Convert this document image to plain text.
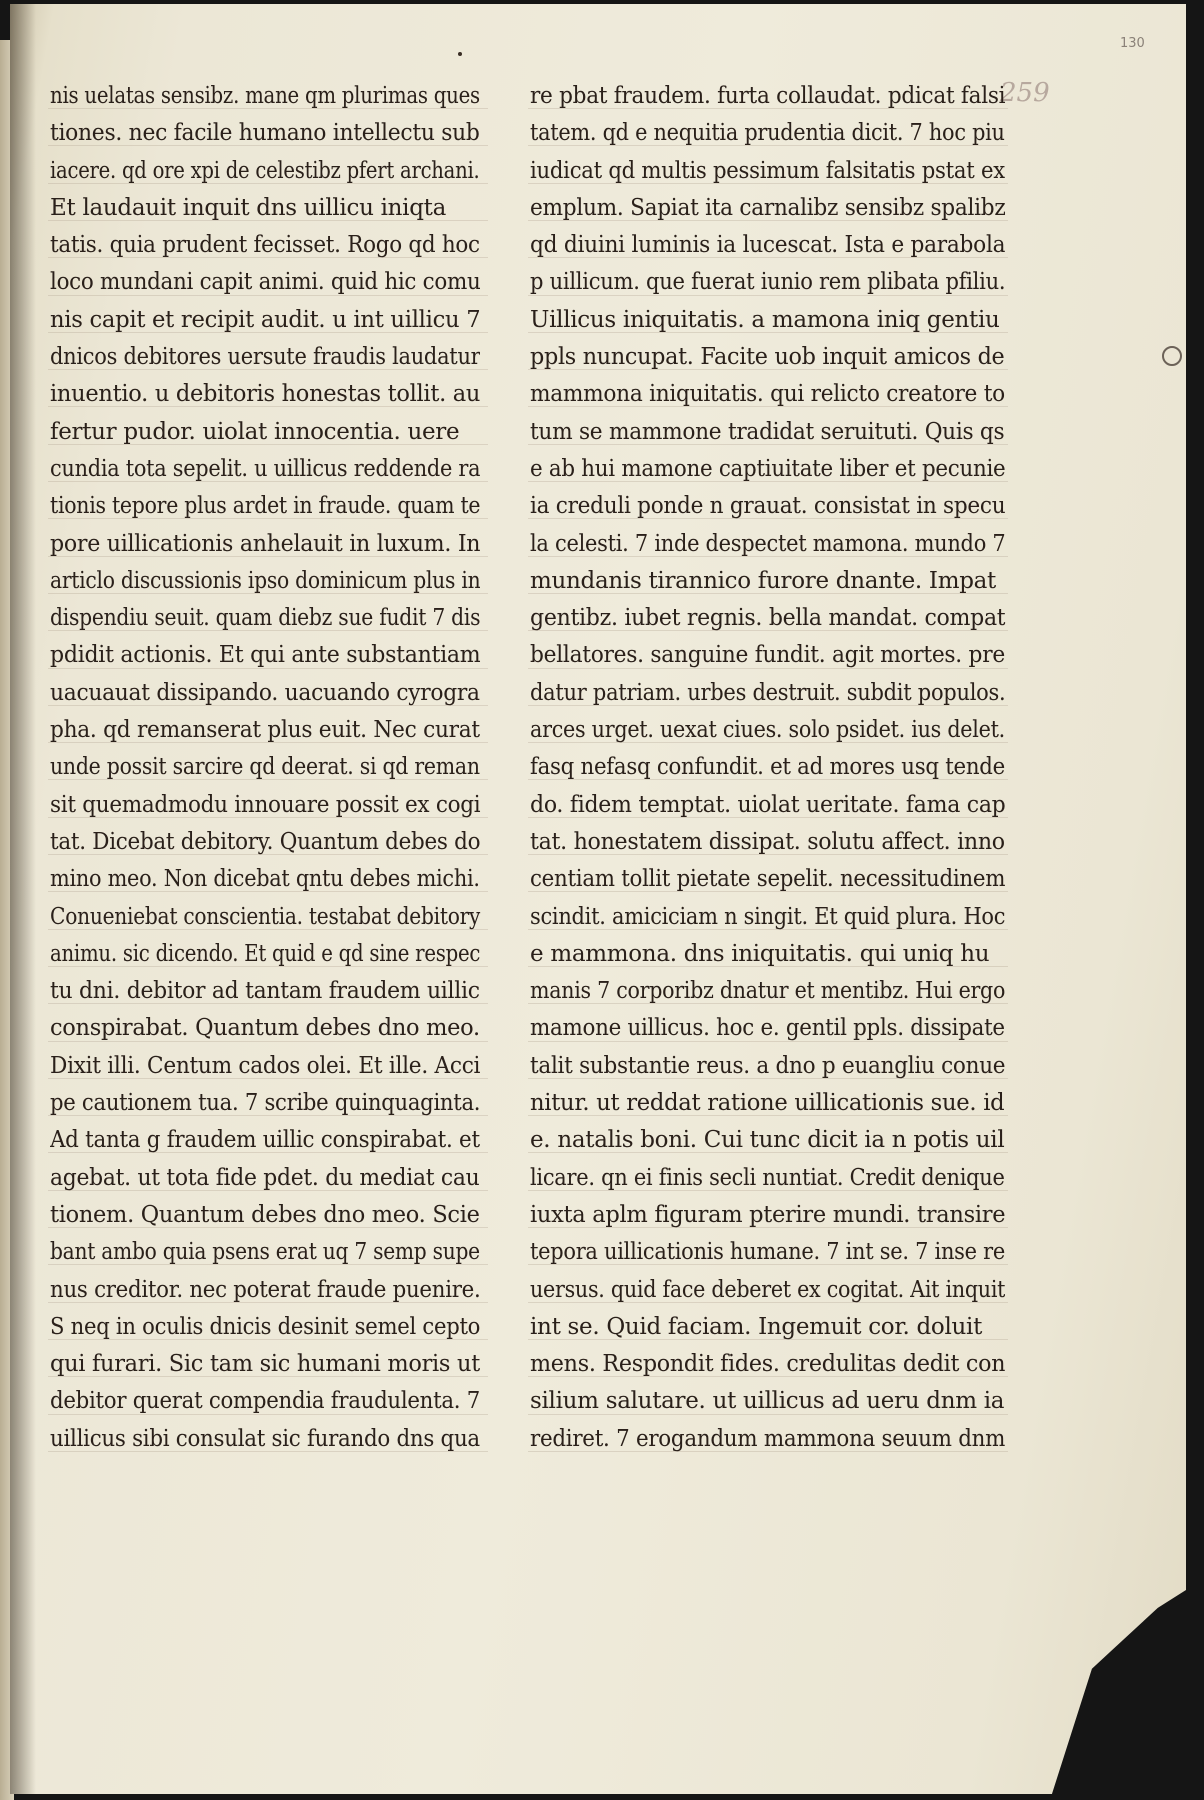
130
259
nis uelatas sensibz. mane qm plurimas ques
tiones. nec facile humano intellectu sub
iacere. qd ore xpi de celestibz pfert archani.
Et laudauit inquit dns uillicu iniqta
tatis. quia prudent fecisset. Rogo qd hoc
loco mundani capit animi. quid hic comu
nis capit et recipit audit. u int uillicu 7
dnicos debitores uersute fraudis laudatur
inuentio. u debitoris honestas tollit. au
fertur pudor. uiolat innocentia. uere
cundia tota sepelit. u uillicus reddende ra
tionis tepore plus ardet in fraude. quam te
pore uillicationis anhelauit in luxum. In
articlo discussionis ipso dominicum plus in
dispendiu seuit. quam diebz sue fudit 7 dis
pdidit actionis. Et qui ante substantiam
uacuauat dissipando. uacuando cyrogra
pha. qd remanserat plus euit. Nec curat
unde possit sarcire qd deerat. si qd reman
sit quemadmodu innouare possit ex cogi
tat. Dicebat debitory. Quantum debes do
mino meo. Non dicebat qntu debes michi.
Conueniebat conscientia. testabat debitory
animu. sic dicendo. Et quid e qd sine respec
tu dni. debitor ad tantam fraudem uillic
conspirabat. Quantum debes dno meo.
Dixit illi. Centum cados olei. Et ille. Acci
pe cautionem tua. 7 scribe quinquaginta.
Ad tanta g fraudem uillic conspirabat. et
agebat. ut tota fide pdet. du mediat cau
tionem. Quantum debes dno meo. Scie
bant ambo quia psens erat uq 7 semp supe
nus creditor. nec poterat fraude puenire.
S neq in oculis dnicis desinit semel cepto
qui furari. Sic tam sic humani moris ut
debitor querat compendia fraudulenta. 7
uillicus sibi consulat sic furando dns qua
re pbat fraudem. furta collaudat. pdicat falsi
tatem. qd e nequitia prudentia dicit. 7 hoc piu
iudicat qd multis pessimum falsitatis pstat ex
emplum. Sapiat ita carnalibz sensibz spalibz
qd diuini luminis ia lucescat. Ista e parabola
p uillicum. que fuerat iunio rem plibata pfiliu.
Uillicus iniquitatis. a mamona iniq gentiu
ppls nuncupat. Facite uob inquit amicos de
mammona iniquitatis. qui relicto creatore to
tum se mammone tradidat seruituti. Quis qs
e ab hui mamone captiuitate liber et pecunie
ia creduli ponde n grauat. consistat in specu
la celesti. 7 inde despectet mamona. mundo 7
mundanis tirannico furore dnante. Impat
gentibz. iubet regnis. bella mandat. compat
bellatores. sanguine fundit. agit mortes. pre
datur patriam. urbes destruit. subdit populos.
arces urget. uexat ciues. solo psidet. ius delet.
fasq nefasq confundit. et ad mores usq tende
do. fidem temptat. uiolat ueritate. fama cap
tat. honestatem dissipat. solutu affect. inno
centiam tollit pietate sepelit. necessitudinem
scindit. amiciciam n singit. Et quid plura. Hoc
e mammona. dns iniquitatis. qui uniq hu
manis 7 corporibz dnatur et mentibz. Hui ergo
mamone uillicus. hoc e. gentil ppls. dissipate
talit substantie reus. a dno p euangliu conue
nitur. ut reddat ratione uillicationis sue. id
e. natalis boni. Cui tunc dicit ia n potis uil
licare. qn ei finis secli nuntiat. Credit denique
iuxta aplm figuram pterire mundi. transire
tepora uillicationis humane. 7 int se. 7 inse re
uersus. quid face deberet ex cogitat. Ait inquit
int se. Quid faciam. Ingemuit cor. doluit
mens. Respondit fides. credulitas dedit con
silium salutare. ut uillicus ad ueru dnm ia
rediret. 7 erogandum mammona seuum dnm
